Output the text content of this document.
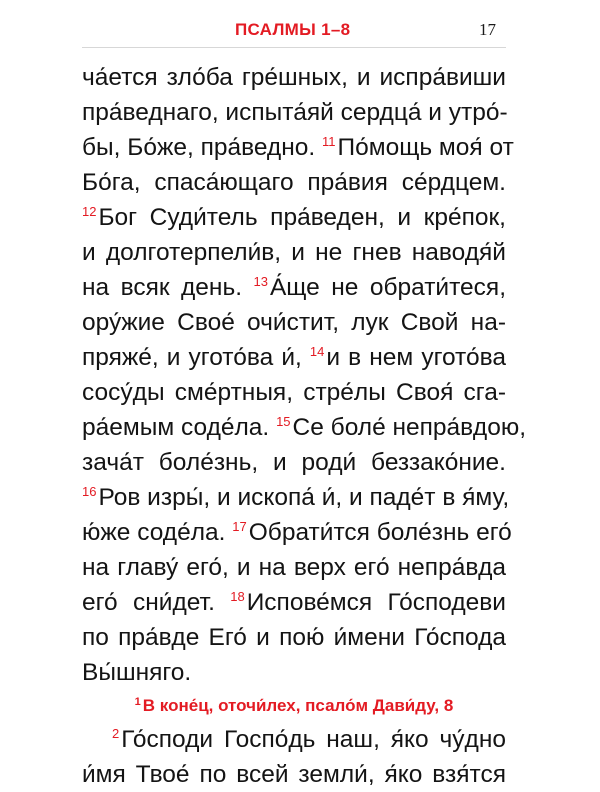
ПСАЛМЫ 1–8	17
ча́ется зло́ба гре́шных, и испра́виши
пра́веднаго, испыта́яй сердца́ и утро́-
бы, Бо́же, пра́ведно. $^{11}$По́мощь моя́ от
Бо́га, спаса́ющаго пра́вия се́рдцем.
$^{12}$Бог Суди́тель пра́веден, и кре́пок,
и долготерпели́в, и не гнев наводя́й
на всяк день. $^{13}$А́ще не обрати́теся,
ору́жие Свое́ очи́стит, лук Свой на-
пряже́, и угото́ва и́, $^{14}$и в нем угото́ва
сосу́ды сме́ртныя, стре́лы Своя́ сга-
ра́емым соде́ла. $^{15}$Се боле́ непра́вдою,
зача́т боле́знь, и роди́ беззако́ние.
$^{16}$Ров изры́, и ископа́ и́, и паде́т в я́му,
ю́же соде́ла. $^{17}$Обрати́тся боле́знь его́
на главу́ его́, и на верх его́ непра́вда
его́ сни́дет. $^{18}$Испове́мся Го́сподеви
по пра́вде Его́ и пою́ и́мени Го́спода
Вы́шняго.
$^1$ В коне́ц, оточи́лех, псало́м Дави́ду, 8
$^2$Го́споди Госпо́дь наш, я́ко чу́дно
и́мя Твое́ по всей земли́, я́ко взя́тся
